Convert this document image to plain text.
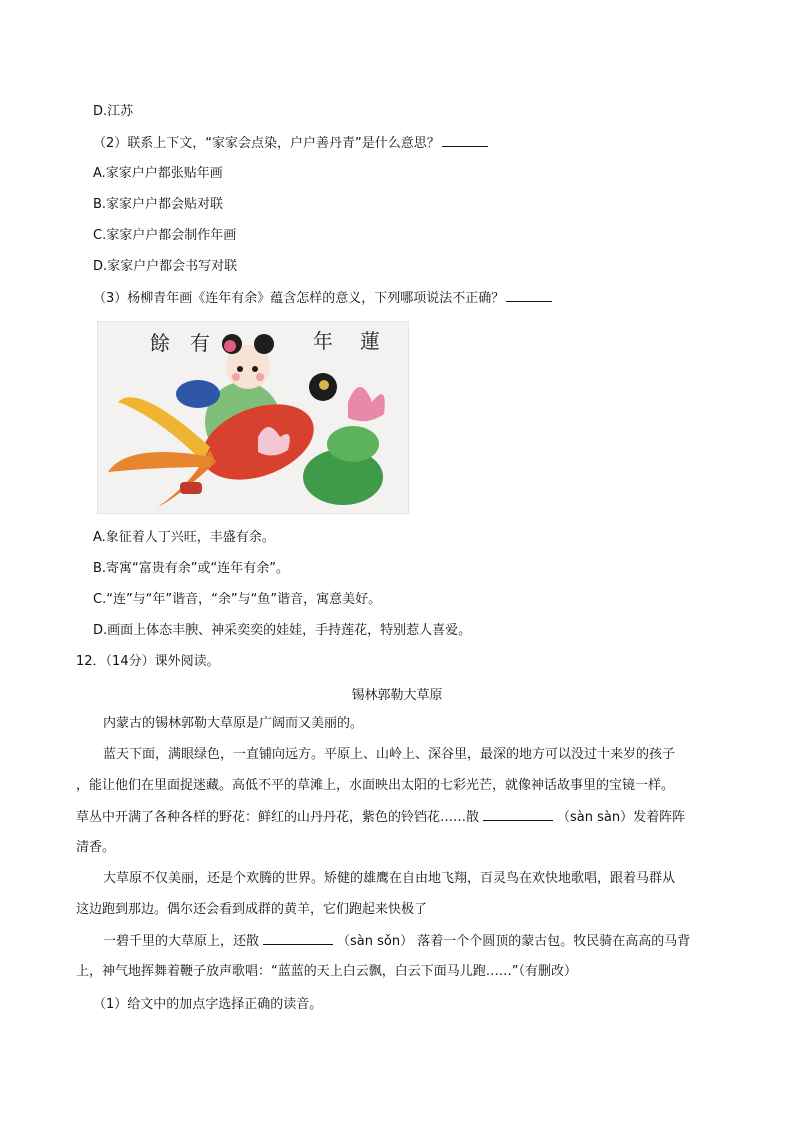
D.江苏
（2）联系上下文，“家家会点染，户户善丹青”是什么意思？
A.家家户户都张贴年画
B.家家户户都会贴对联
C.家家户户都会制作年画
D.家家户户都会书写对联
（3）杨柳青年画《连年有余》蕴含怎样的意义，下列哪项说法不正确？
餘 有	年 蓮
A.象征着人丁兴旺，丰盛有余。
B.寄寓“富贵有余”或“连年有余”。
C.“连”与“年”谐音，“余”与“鱼”谐音，寓意美好。
D.画面上体态丰腴、神采奕奕的娃娃，手持莲花，特别惹人喜爱。
12．（14分）课外阅读。
锡林郭勒大草原
内蒙古的锡林郭勒大草原是广阔而又美丽的。
蓝天下面，满眼绿色，一直铺向远方。平原上、山岭上、深谷里，最深的地方可以没过十来岁的孩子
，能让他们在里面捉迷藏。高低不平的草滩上，水面映出太阳的七彩光芒，就像神话故事里的宝镜一样。
草丛中开满了各种各样的野花：鲜红的山丹丹花，紫色的铃铛花……散	（sàn sàn）发着阵阵
清香。
大草原不仅美丽，还是个欢腾的世界。矫健的雄鹰在自由地飞翔，百灵鸟在欢快地歌唱，跟着马群从
这边跑到那边。偶尔还会看到成群的黄羊，它们跑起来快极了
一碧千里的大草原上，还散	（sàn sǒn） 落着一个个圆顶的蒙古包。牧民骑在高高的马背
上，神气地挥舞着鞭子放声歌唱：“蓝蓝的天上白云飘，白云下面马儿跑……”（有删改）
（1）给文中的加点字选择正确的读音。
